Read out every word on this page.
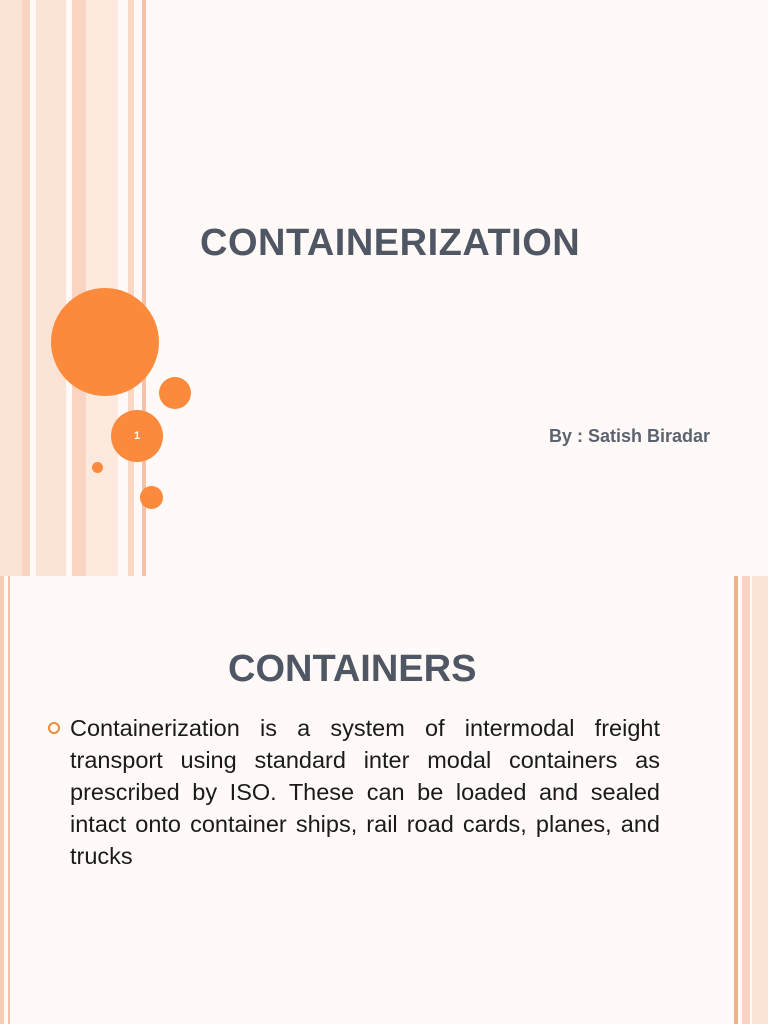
1
CONTAINERIZATION
By : Satish Biradar
CONTAINERS
Containerization is a system of intermodal freight transport using standard inter modal containers as prescribed by ISO. These can be loaded and sealed intact onto container ships, rail road cards, planes, and trucks
